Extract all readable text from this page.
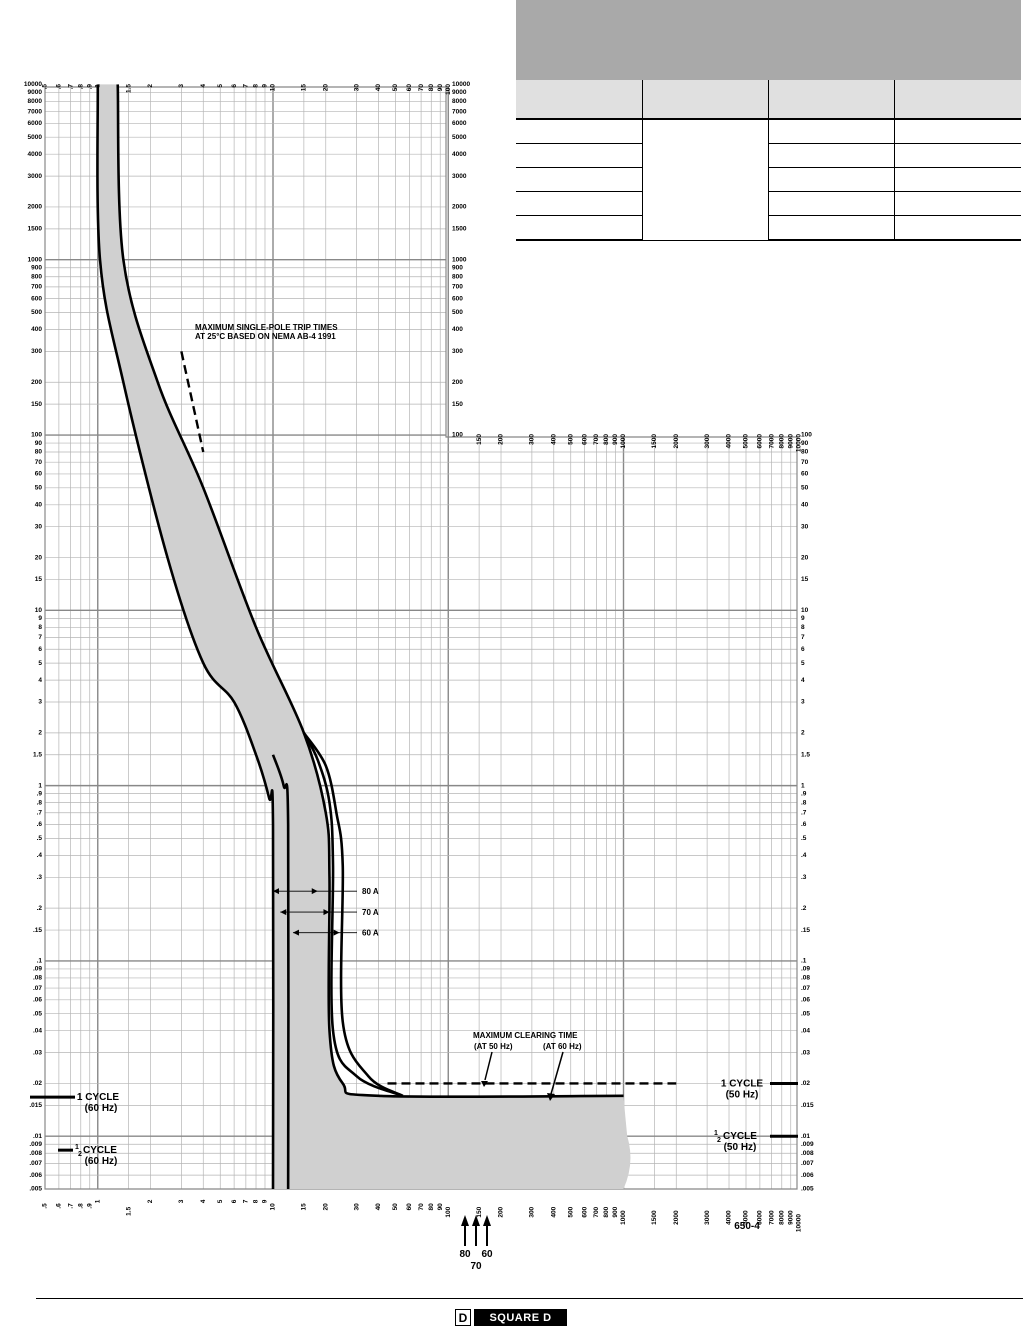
.5
.5
.6
.6
.7
.7
.8
.8
.9
.9
1
1
1.5
1.5
2
2
3
3
4
4
5
5
6
6
7
7
8
8
9
9
10
10
15
15
20
20
30
30
40
40
50
50
60
60
70
70
80
80
90
90
100
100
150
150
200
200
300
300
400
400
500
500
600
600
700
700
800
800
900
900
1000
1000
1500
1500
2000
2000
3000
3000
4000
4000
5000
5000
6000
6000
7000
7000
8000
8000
9000
9000
10000
10000
10000	10000
9000	9000
8000	8000
7000	7000
6000	6000
5000	5000
4000	4000
3000	3000
2000	2000
1500	1500
1000	1000
900	900
800	800
700	700
600	600
500	500
400	400
300	300
200	200
150	150
100	100	100
90	90
80	80
70	70
60	60
50	50
40	40
30	30
20	20
15	15
10	10
9	9
8	8
7	7
6	6
5	5
4	4
3	3
2	2
1.5	1.5
1	1
.9	.9
.8	.8
.7	.7
.6	.6
.5	.5
.4	.4
.3	.3
.2	.2
.15	.15
.1	.1
.09	.09
.08	.08
.07	.07
.06	.06
.05	.05
.04	.04
.03	.03
.02	.02
.015	.015
.01	.01
.009	.009
.008	.008
.007	.007
.006	.006
.005	.005
MAXIMUM SINGLE-POLE TRIP TIMES
AT 25°C BASED ON NEMA AB-4 1991
MAXIMUM CLEARING TIME
(AT 50 Hz)	(AT 60 Hz)
1 CYCLE
(60 Hz)
1
2 CYCLE
(60 Hz)
1 CYCLE
(50 Hz)
1
2 CYCLE
(50 Hz)
80 A
70 A
60 A
80 60
70
650-4
D	SQUARE D
